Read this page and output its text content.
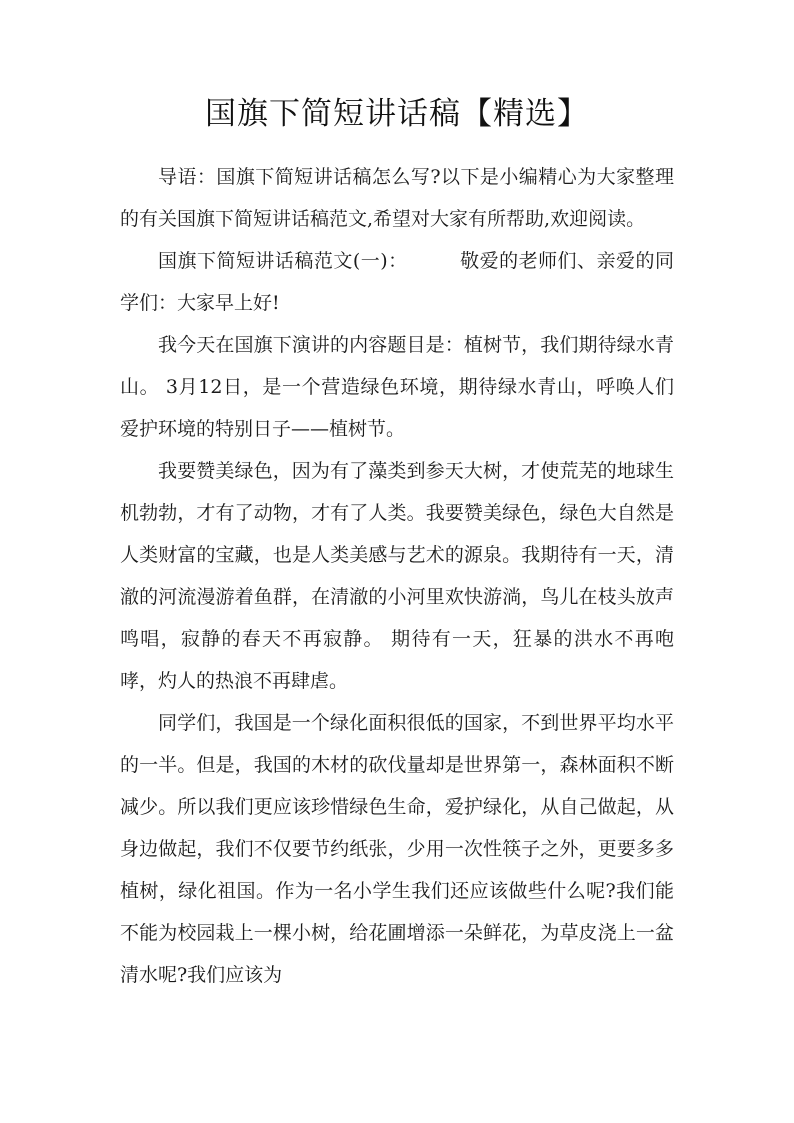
国旗下简短讲话稿【精选】

导语：国旗下简短讲话稿怎么写?以下是小编精心为大家整理的有关国旗下简短讲话稿范文,希望对大家有所帮助,欢迎阅读。

国旗下简短讲话稿范文(一)：	敬爱的老师们、亲爱的同学们：大家早上好!

我今天在国旗下演讲的内容题目是：植树节，我们期待绿水青山。 3月12日，是一个营造绿色环境，期待绿水青山，呼唤人们爱护环境的特别日子——植树节。

我要赞美绿色，因为有了藻类到参天大树，才使荒芜的地球生机勃勃，才有了动物，才有了人类。我要赞美绿色，绿色大自然是人类财富的宝藏，也是人类美感与艺术的源泉。我期待有一天，清澈的河流漫游着鱼群，在清澈的小河里欢快游淌，鸟儿在枝头放声鸣唱，寂静的春天不再寂静。 期待有一天，狂暴的洪水不再咆哮，灼人的热浪不再肆虐。

同学们，我国是一个绿化面积很低的国家，不到世界平均水平的一半。但是，我国的木材的砍伐量却是世界第一，森林面积不断减少。所以我们更应该珍惜绿色生命，爱护绿化，从自己做起，从身边做起，我们不仅要节约纸张，少用一次性筷子之外，更要多多植树，绿化祖国。作为一名小学生我们还应该做些什么呢?我们能不能为校园栽上一棵小树，给花圃增添一朵鲜花，为草皮浇上一盆清水呢?我们应该为
